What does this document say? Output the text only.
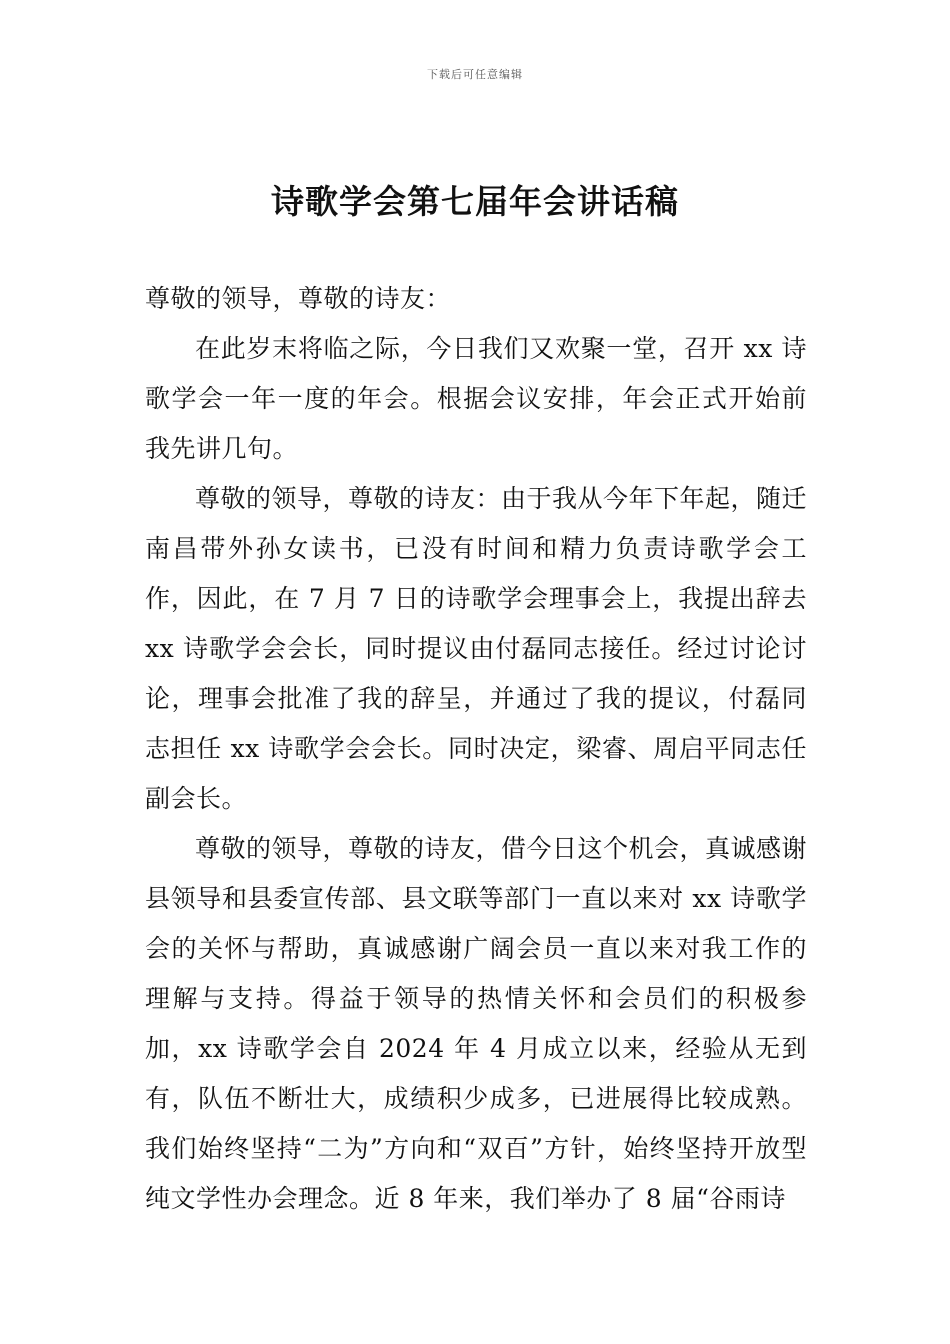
下载后可任意编辑
诗歌学会第七届年会讲话稿

尊敬的领导，尊敬的诗友：

在此岁末将临之际，今日我们又欢聚一堂，召开 xx 诗歌学会一年一度的年会。根据会议安排，年会正式开始前我先讲几句。

尊敬的领导，尊敬的诗友：由于我从今年下年起，随迁南昌带外孙女读书，已没有时间和精力负责诗歌学会工作，因此，在 7 月 7 日的诗歌学会理事会上，我提出辞去 xx 诗歌学会会长，同时提议由付磊同志接任。经过讨论讨论，理事会批准了我的辞呈，并通过了我的提议，付磊同志担任 xx 诗歌学会会长。同时决定，梁睿、周启平同志任副会长。

尊敬的领导，尊敬的诗友，借今日这个机会，真诚感谢县领导和县委宣传部、县文联等部门一直以来对 xx 诗歌学会的关怀与帮助，真诚感谢广阔会员一直以来对我工作的理解与支持。得益于领导的热情关怀和会员们的积极参加，xx 诗歌学会自 2024 年 4 月成立以来，经验从无到有，队伍不断壮大，成绩积少成多，已进展得比较成熟。我们始终坚持“二为”方向和“双百”方针，始终坚持开放型纯文学性办会理念。近 8 年来，我们举办了 8 届“谷雨诗
